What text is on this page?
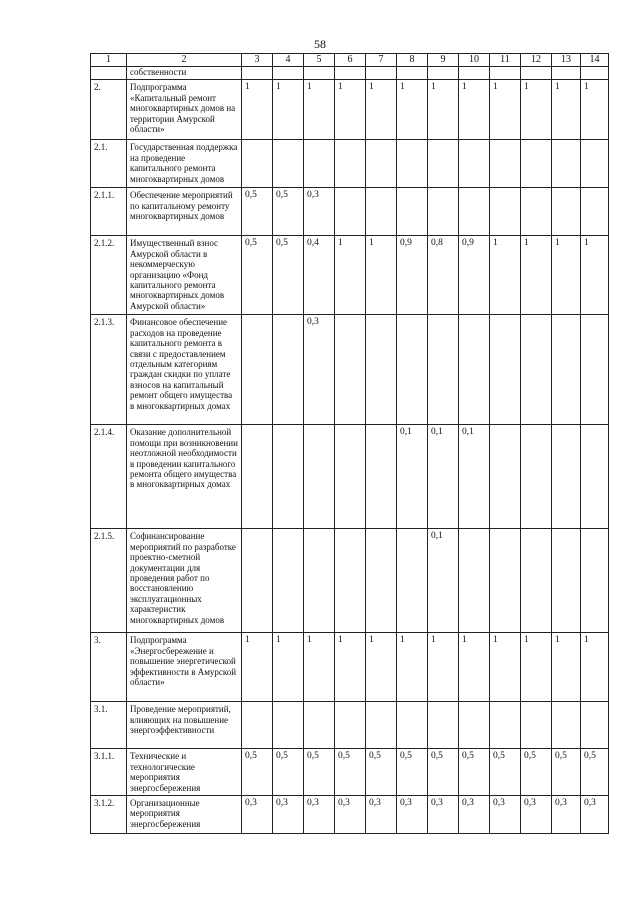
58
1	2	3	4	5	6	7	8	9	10	11	12	13	14
	собственности												
2.	Подпрограмма «Капитальный ремонт многоквартирных домов на территории Амурской области»	1	1	1	1	1	1	1	1	1	1	1	1
2.1.	Государственная поддержка на проведение капитального ремонта многоквартирных домов												
2.1.1.	Обеспечение мероприятий по капитальному ремонту многоквартирных домов	0,5	0,5	0,3									
2.1.2.	Имущественный взнос Амурской области в некоммерческую организацию «Фонд капитального ремонта многоквартирных домов Амурской области»	0,5	0,5	0,4	1	1	0,9	0,8	0,9	1	1	1	1
2.1.3.	Финансовое обеспечение расходов на проведение капитального ремонта в связи с предоставлением отдельным категориям граждан скидки по уплате взносов на капитальный ремонт общего имущества в многоквартирных домах			0,3									
2.1.4.	Оказание дополнительной помощи при возникновении неотложной необходимости в проведении капитального ремонта общего имущества в многоквартирных домах						0,1	0,1	0,1				
2.1.5.	Софинансирование мероприятий по разработке проектно-сметной документации для проведения работ по восстановлению эксплуатационных характеристик многоквартирных домов							0,1					
3.	Подпрограмма «Энергосбережение и повышение энергетической эффективности в Амурской области»	1	1	1	1	1	1	1	1	1	1	1	1
3.1.	Проведение мероприятий, влияющих на повышение энергоэффективности												
3.1.1.	Технические и технологические мероприятия энергосбережения	0,5	0,5	0,5	0,5	0,5	0,5	0,5	0,5	0,5	0,5	0,5	0,5
3.1.2.	Организационные мероприятия энергосбережения	0,3	0,3	0,3	0,3	0,3	0,3	0,3	0,3	0,3	0,3	0,3	0,3
